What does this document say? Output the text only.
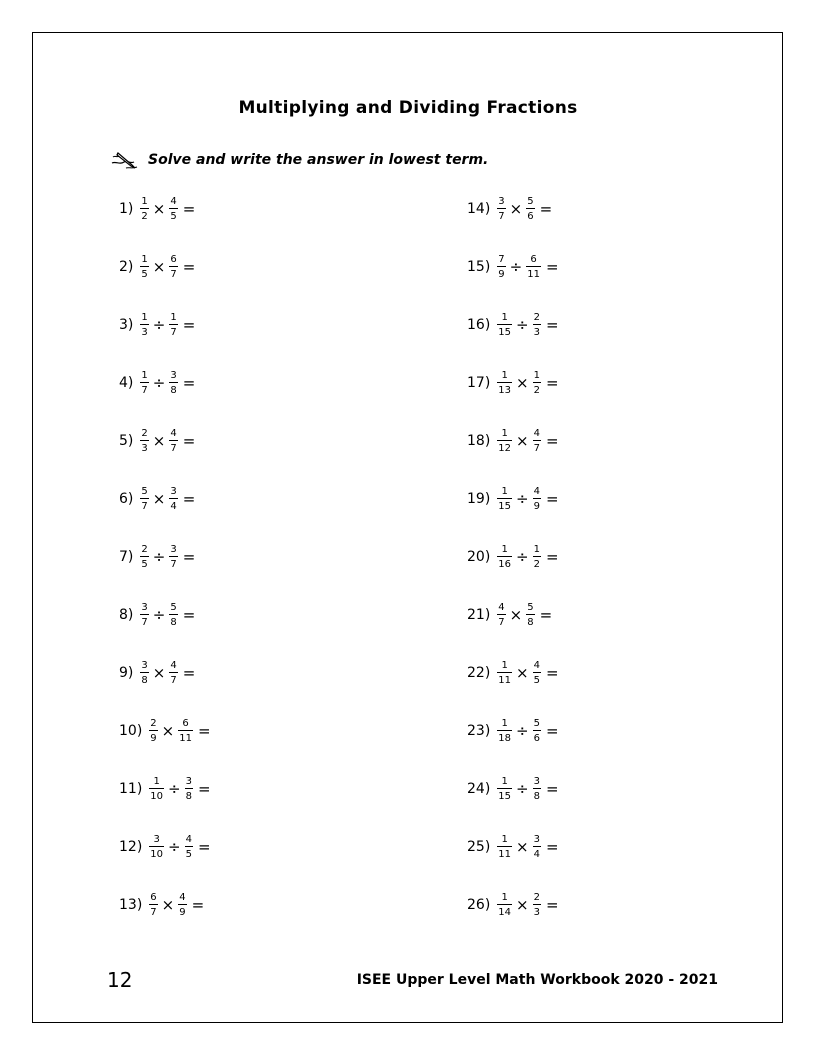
Multiplying and Dividing Fractions
Solve and write the answer in lowest term.
$1) \frac{1}{2} \times \frac{4}{5}$ =
$2) \frac{1}{5} \times \frac{6}{7}$ =
$3) \frac{1}{3} \div \frac{1}{7}$ =
$4) \frac{1}{7} \div \frac{3}{8}$ =
$5) \frac{2}{3} \times \frac{4}{7}$ =
$6) \frac{5}{7} \times \frac{3}{4}$ =
$7) \frac{2}{5} \div \frac{3}{7}$ =
$8) \frac{3}{7} \div \frac{5}{8}$ =
$9) \frac{3}{8} \times \frac{4}{7}$ =
$10) \frac{2}{9} \times \frac{6}{11}$ =
$11) \frac{1}{10} \div \frac{3}{8}$ =
$12) \frac{3}{10} \div \frac{4}{5}$ =
$13) \frac{6}{7} \times \frac{4}{9}$ =
$14) \frac{3}{7} \times \frac{5}{6}$ =
$15) \frac{7}{9} \div \frac{6}{11}$ =
$16) \frac{1}{15} \div \frac{2}{3}$ =
$17) \frac{1}{13} \times \frac{1}{2}$ =
$18) \frac{1}{12} \times \frac{4}{7}$ =
$19) \frac{1}{15} \div \frac{4}{9}$ =
$20) \frac{1}{16} \div \frac{1}{2}$ =
$21) \frac{4}{7} \times \frac{5}{8}$ =
$22) \frac{1}{11} \times \frac{4}{5}$ =
$23) \frac{1}{18} \div \frac{5}{6}$ =
$24) \frac{1}{15} \div \frac{3}{8}$ =
$25) \frac{1}{11} \times \frac{3}{4}$ =
$26) \frac{1}{14} \times \frac{2}{3}$ =
12	ISEE Upper Level Math Workbook 2020 - 2021
